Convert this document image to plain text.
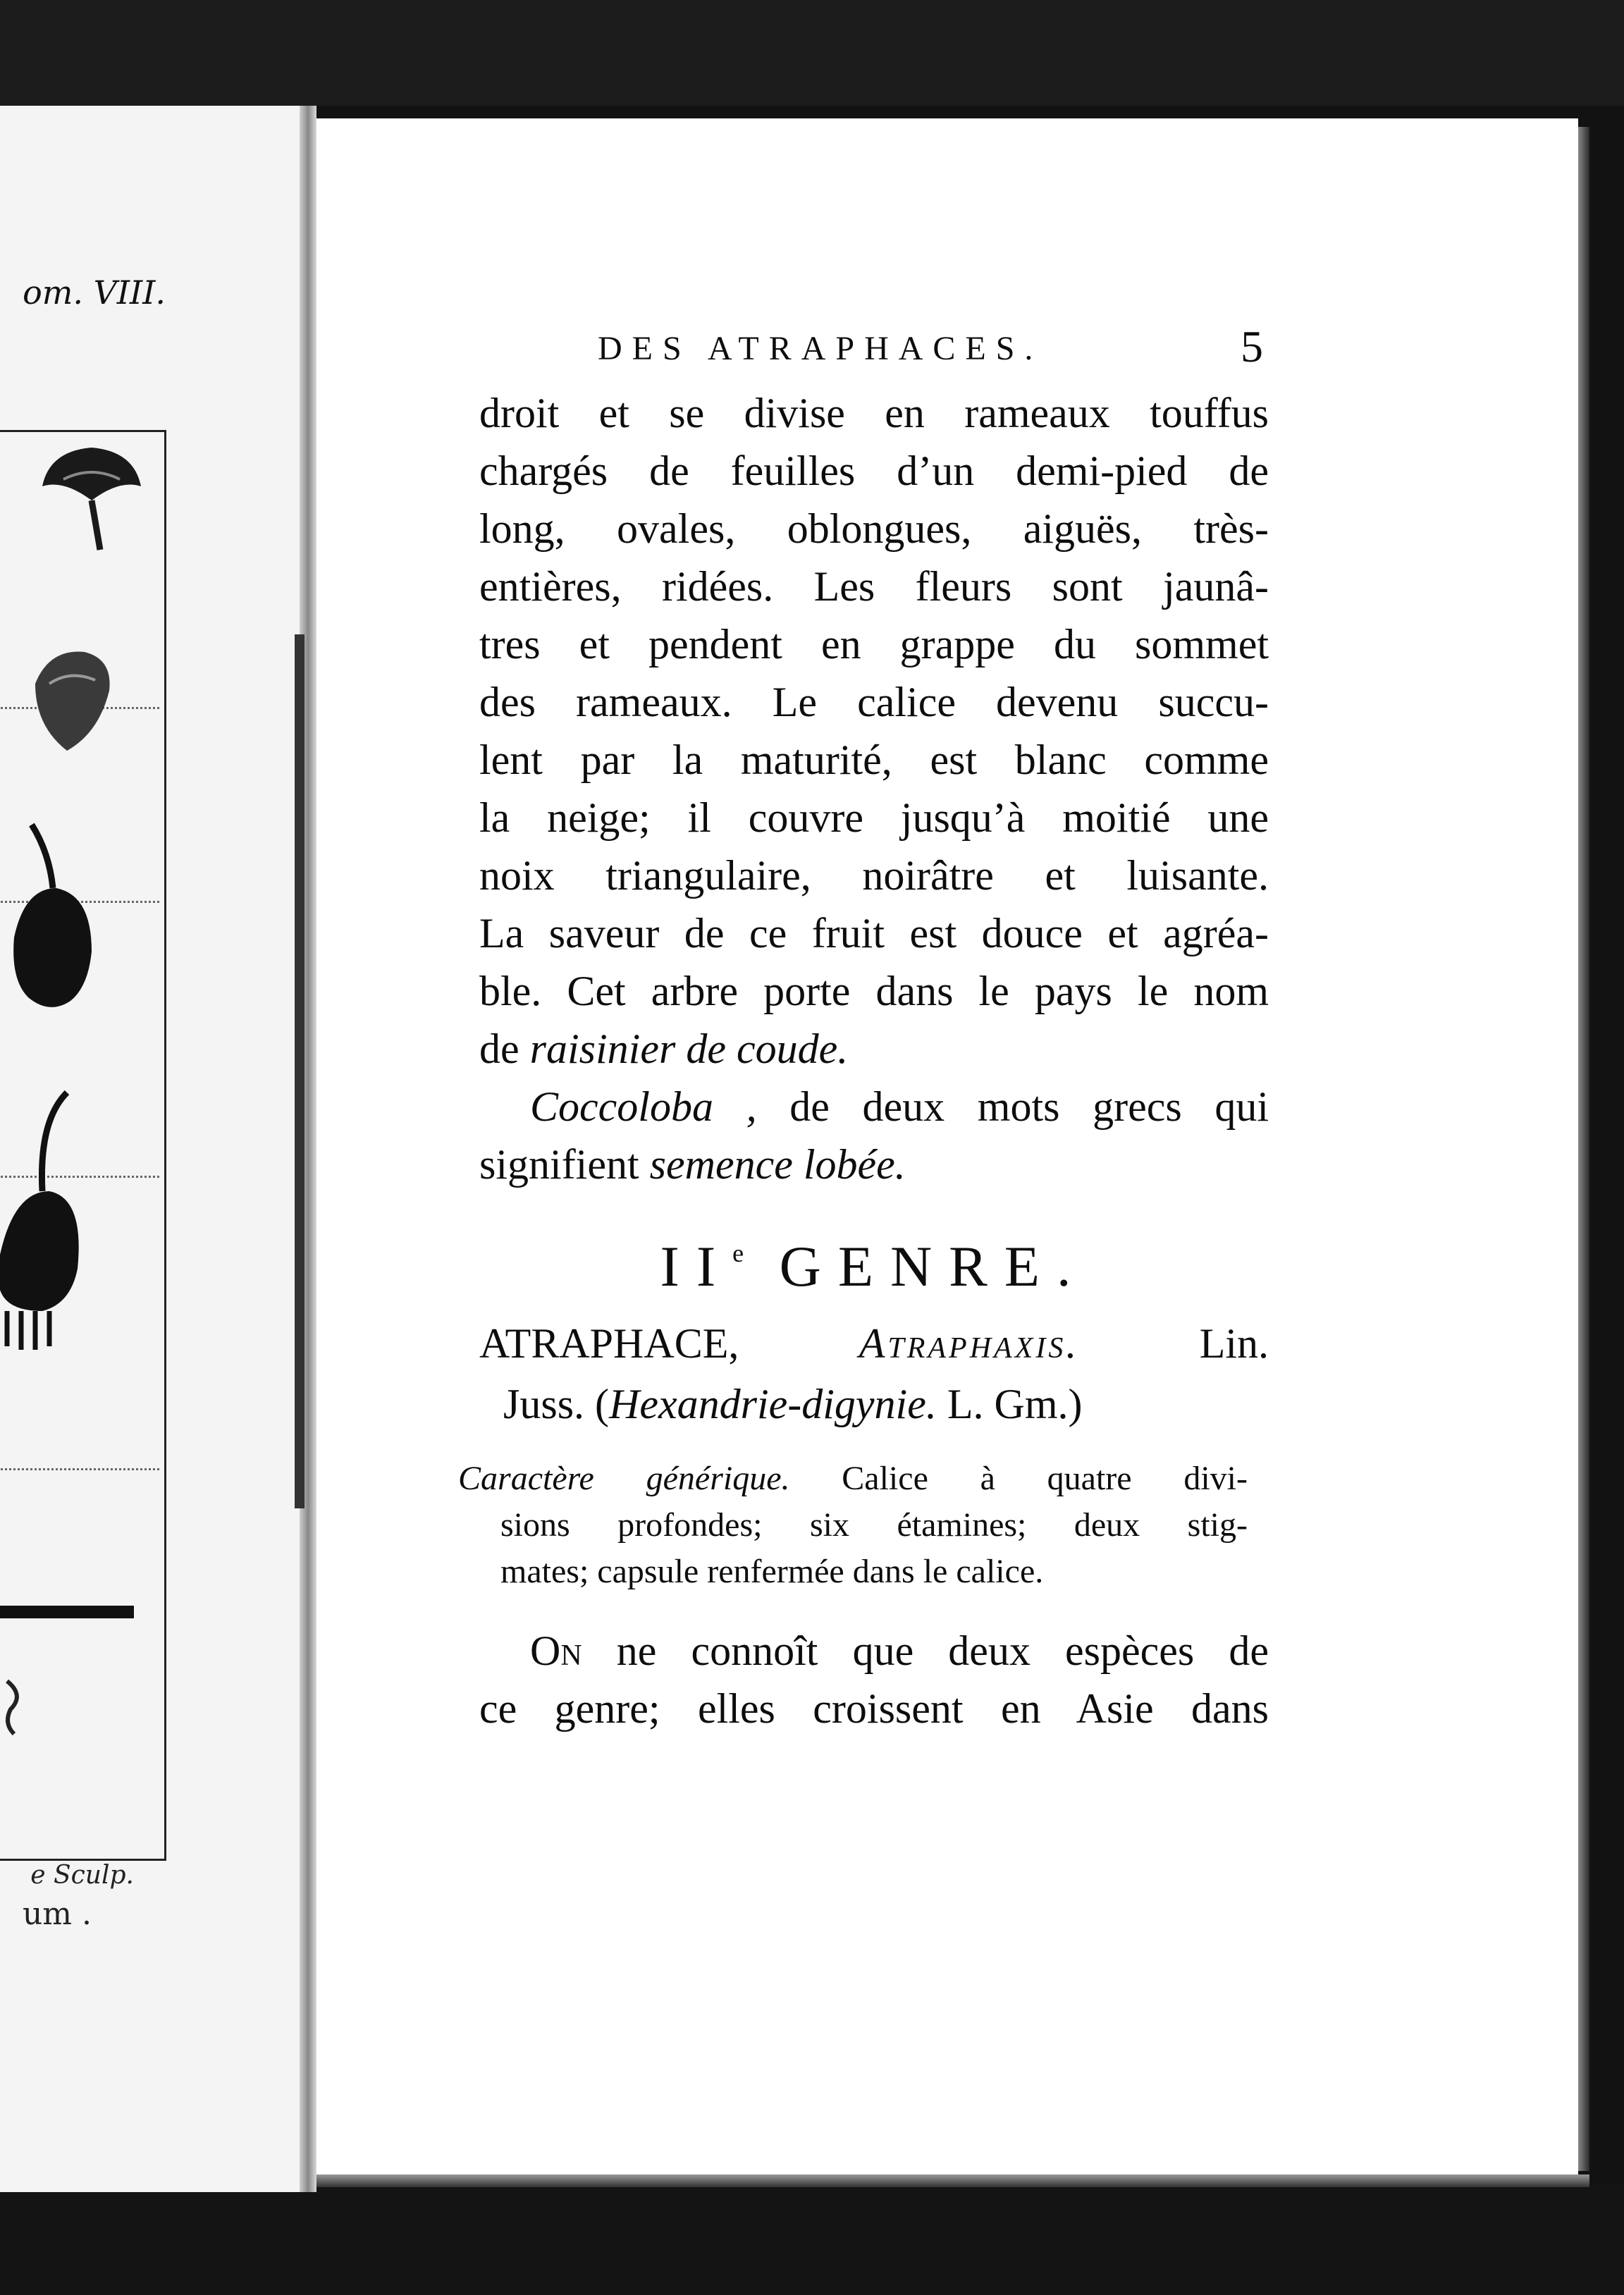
om. VIII.
e Sculp.
um .
DES ATRAPHACES.	5
droit et se divise en rameaux touffus
chargés de feuilles d’un demi-pied de
long, ovales, oblongues, aiguës, très-
entières, ridées. Les fleurs sont jaunâ-
tres et pendent en grappe du sommet
des rameaux. Le calice devenu succu-
lent par la maturité, est blanc comme
la neige; il couvre jusqu’à moitié une
noix triangulaire, noirâtre et luisante.
La saveur de ce fruit est douce et agréa-
ble. Cet arbre porte dans le pays le nom
de raisinier de coude.
Coccoloba , de deux mots grecs qui
signifient semence lobée.
IIe GENRE.
ATRAPHACE,	Atraphaxis.	Lin.
Juss. (Hexandrie-digynie. L. Gm.)
Caractère générique. Calice à quatre divi-
sions profondes; six étamines; deux stig-
mates; capsule renfermée dans le calice.
On ne connoît que deux espèces de
ce genre; elles croissent en Asie dans
